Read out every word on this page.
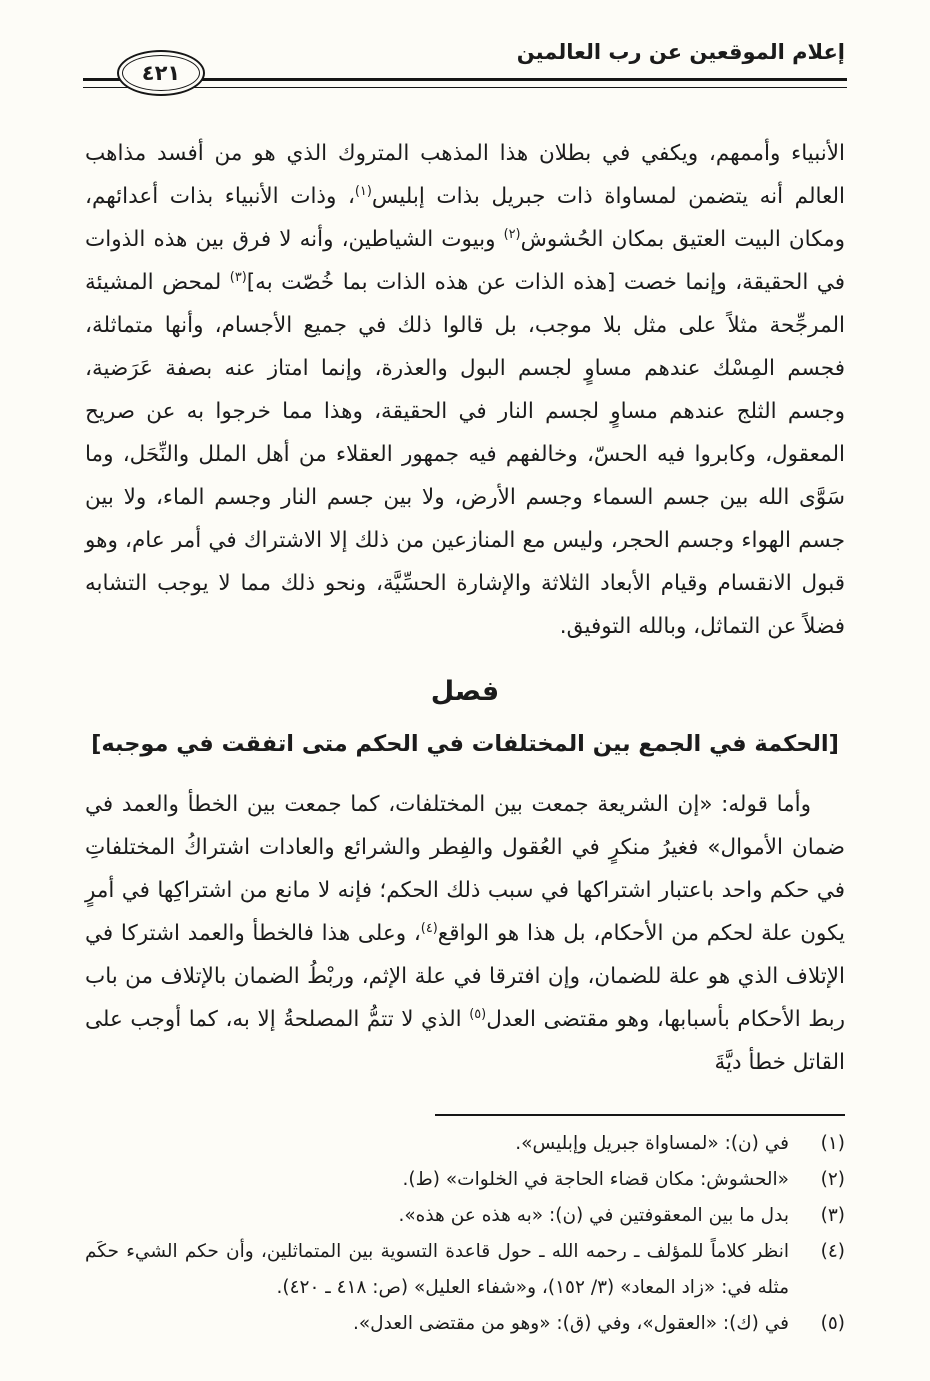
إعلام الموقعين عن رب العالمين
٤٢١

الأنبياء وأممهم، ويكفي في بطلان هذا المذهب المتروك الذي هو من أفسد مذاهب العالم أنه يتضمن لمساواة ذات جبريل بذات إبليس$^{(١)}$، وذات الأنبياء بذات أعدائهم، ومكان البيت العتيق بمكان الحُشوش$^{(٢)}$ وبيوت الشياطين، وأنه لا فرق بين هذه الذوات في الحقيقة، وإنما خصت [هذه الذات عن هذه الذات بما خُصّت به]$^{(٣)}$ لمحض المشيئة المرجِّحة مثلاً على مثل بلا موجب، بل قالوا ذلك في جميع الأجسام، وأنها متماثلة، فجسم المِسْك عندهم مساوٍ لجسم البول والعذرة، وإنما امتاز عنه بصفة عَرَضية، وجسم الثلج عندهم مساوٍ لجسم النار في الحقيقة، وهذا مما خرجوا به عن صريح المعقول، وكابروا فيه الحسّ، وخالفهم فيه جمهور العقلاء من أهل الملل والنِّحَل، وما سَوَّى الله بين جسم السماء وجسم الأرض، ولا بين جسم النار وجسم الماء، ولا بين جسم الهواء وجسم الحجر، وليس مع المنازعين من ذلك إلا الاشتراك في أمر عام، وهو قبول الانقسام وقيام الأبعاد الثلاثة والإشارة الحسِّيَّة، ونحو ذلك مما لا يوجب التشابه فضلاً عن التماثل، وبالله التوفيق.

فصل
[الحكمة في الجمع بين المختلفات في الحكم متى اتفقت في موجبه]

وأما قوله: «إن الشريعة جمعت بين المختلفات، كما جمعت بين الخطأ والعمد في ضمان الأموال» فغيرُ منكرٍ في العُقول والفِطر والشرائع والعادات اشتراكُ المختلفاتِ في حكم واحد باعتبار اشتراكها في سبب ذلك الحكم؛ فإنه لا مانع من اشتراكِها في أمرٍ يكون علة لحكم من الأحكام، بل هذا هو الواقع$^{(٤)}$، وعلى هذا فالخطأ والعمد اشتركا في الإتلاف الذي هو علة للضمان، وإن افترقا في علة الإثم، وربْطُ الضمان بالإتلاف من باب ربط الأحكام بأسبابها، وهو مقتضى العدل$^{(٥)}$ الذي لا تتمُّ المصلحةُ إلا به، كما أوجب على القاتل خطأ ديَّةَ

(١)
في (ن): «لمساواة جبريل وإبليس».
(٢)
«الحشوش: مكان قضاء الحاجة في الخلوات» (ط).
(٣)
بدل ما بين المعقوفتين في (ن): «به هذه عن هذه».
(٤)
انظر كلاماً للمؤلف ـ رحمه الله ـ حول قاعدة التسوية بين المتماثلين، وأن حكم الشيء حكَم مثله في: «زاد المعاد» (٣/ ١٥٢)، و«شفاء العليل» (ص: ٤١٨ ـ ٤٢٠).
(٥)
في (ك): «العقول»، وفي (ق): «وهو من مقتضى العدل».
